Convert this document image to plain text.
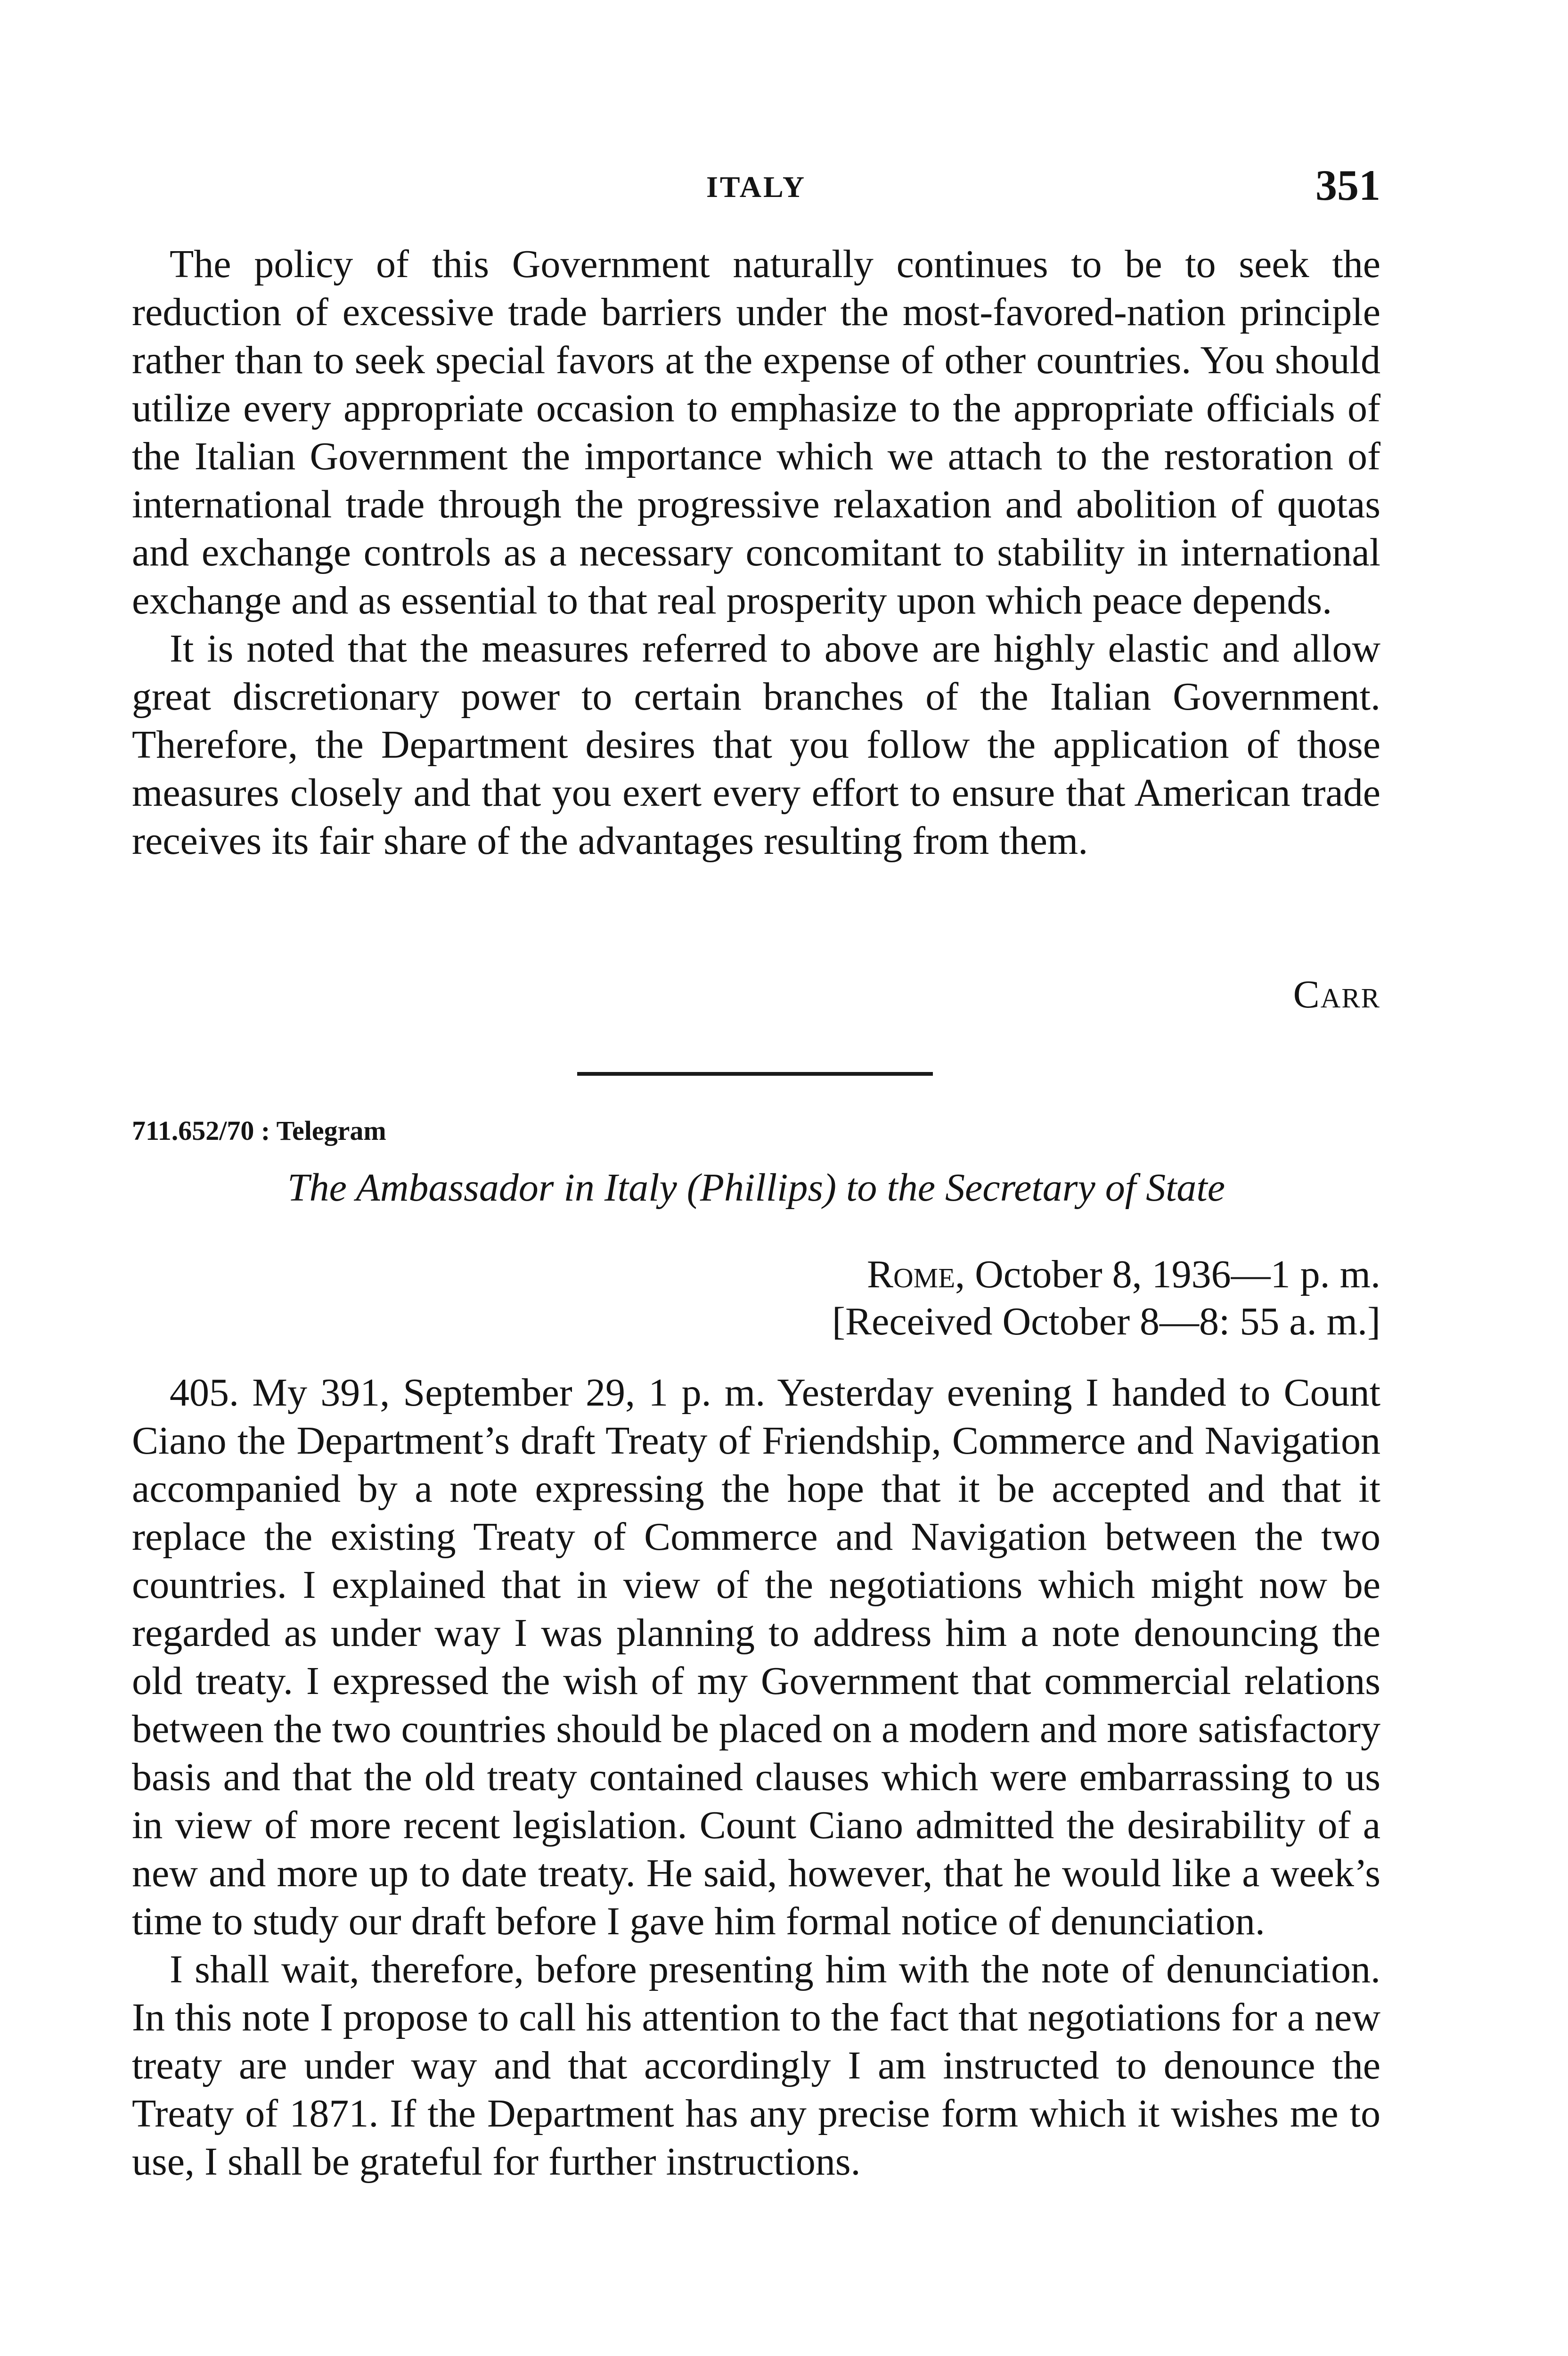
ITALY	351

The policy of this Government naturally continues to be to seek the reduction of excessive trade barriers under the most-favored-nation principle rather than to seek special favors at the expense of other countries. You should utilize every appropriate occasion to emphasize to the appropriate officials of the Italian Government the importance which we attach to the restoration of international trade through the progressive relaxation and abolition of quotas and exchange controls as a necessary concomitant to stability in international exchange and as essential to that real prosperity upon which peace depends.

It is noted that the measures referred to above are highly elastic and allow great discretionary power to certain branches of the Italian Government. Therefore, the Department desires that you follow the application of those measures closely and that you exert every effort to ensure that American trade receives its fair share of the advantages resulting from them.

Carr
711.652/70 : Telegram
The Ambassador in Italy (Phillips) to the Secretary of State
Rome, October 8, 1936—1 p. m.
[Received October 8—8: 55 a. m.]

405. My 391, September 29, 1 p. m. Yesterday evening I handed to Count Ciano the Department’s draft Treaty of Friendship, Commerce and Navigation accompanied by a note expressing the hope that it be accepted and that it replace the existing Treaty of Commerce and Navigation between the two countries. I explained that in view of the negotiations which might now be regarded as under way I was planning to address him a note denouncing the old treaty. I expressed the wish of my Government that commercial relations between the two countries should be placed on a modern and more satisfactory basis and that the old treaty contained clauses which were embarrassing to us in view of more recent legislation. Count Ciano admitted the desirability of a new and more up to date treaty. He said, however, that he would like a week’s time to study our draft before I gave him formal notice of denunciation.

I shall wait, therefore, before presenting him with the note of denunciation. In this note I propose to call his attention to the fact that negotiations for a new treaty are under way and that accordingly I am instructed to denounce the Treaty of 1871. If the Department has any precise form which it wishes me to use, I shall be grateful for further instructions.
